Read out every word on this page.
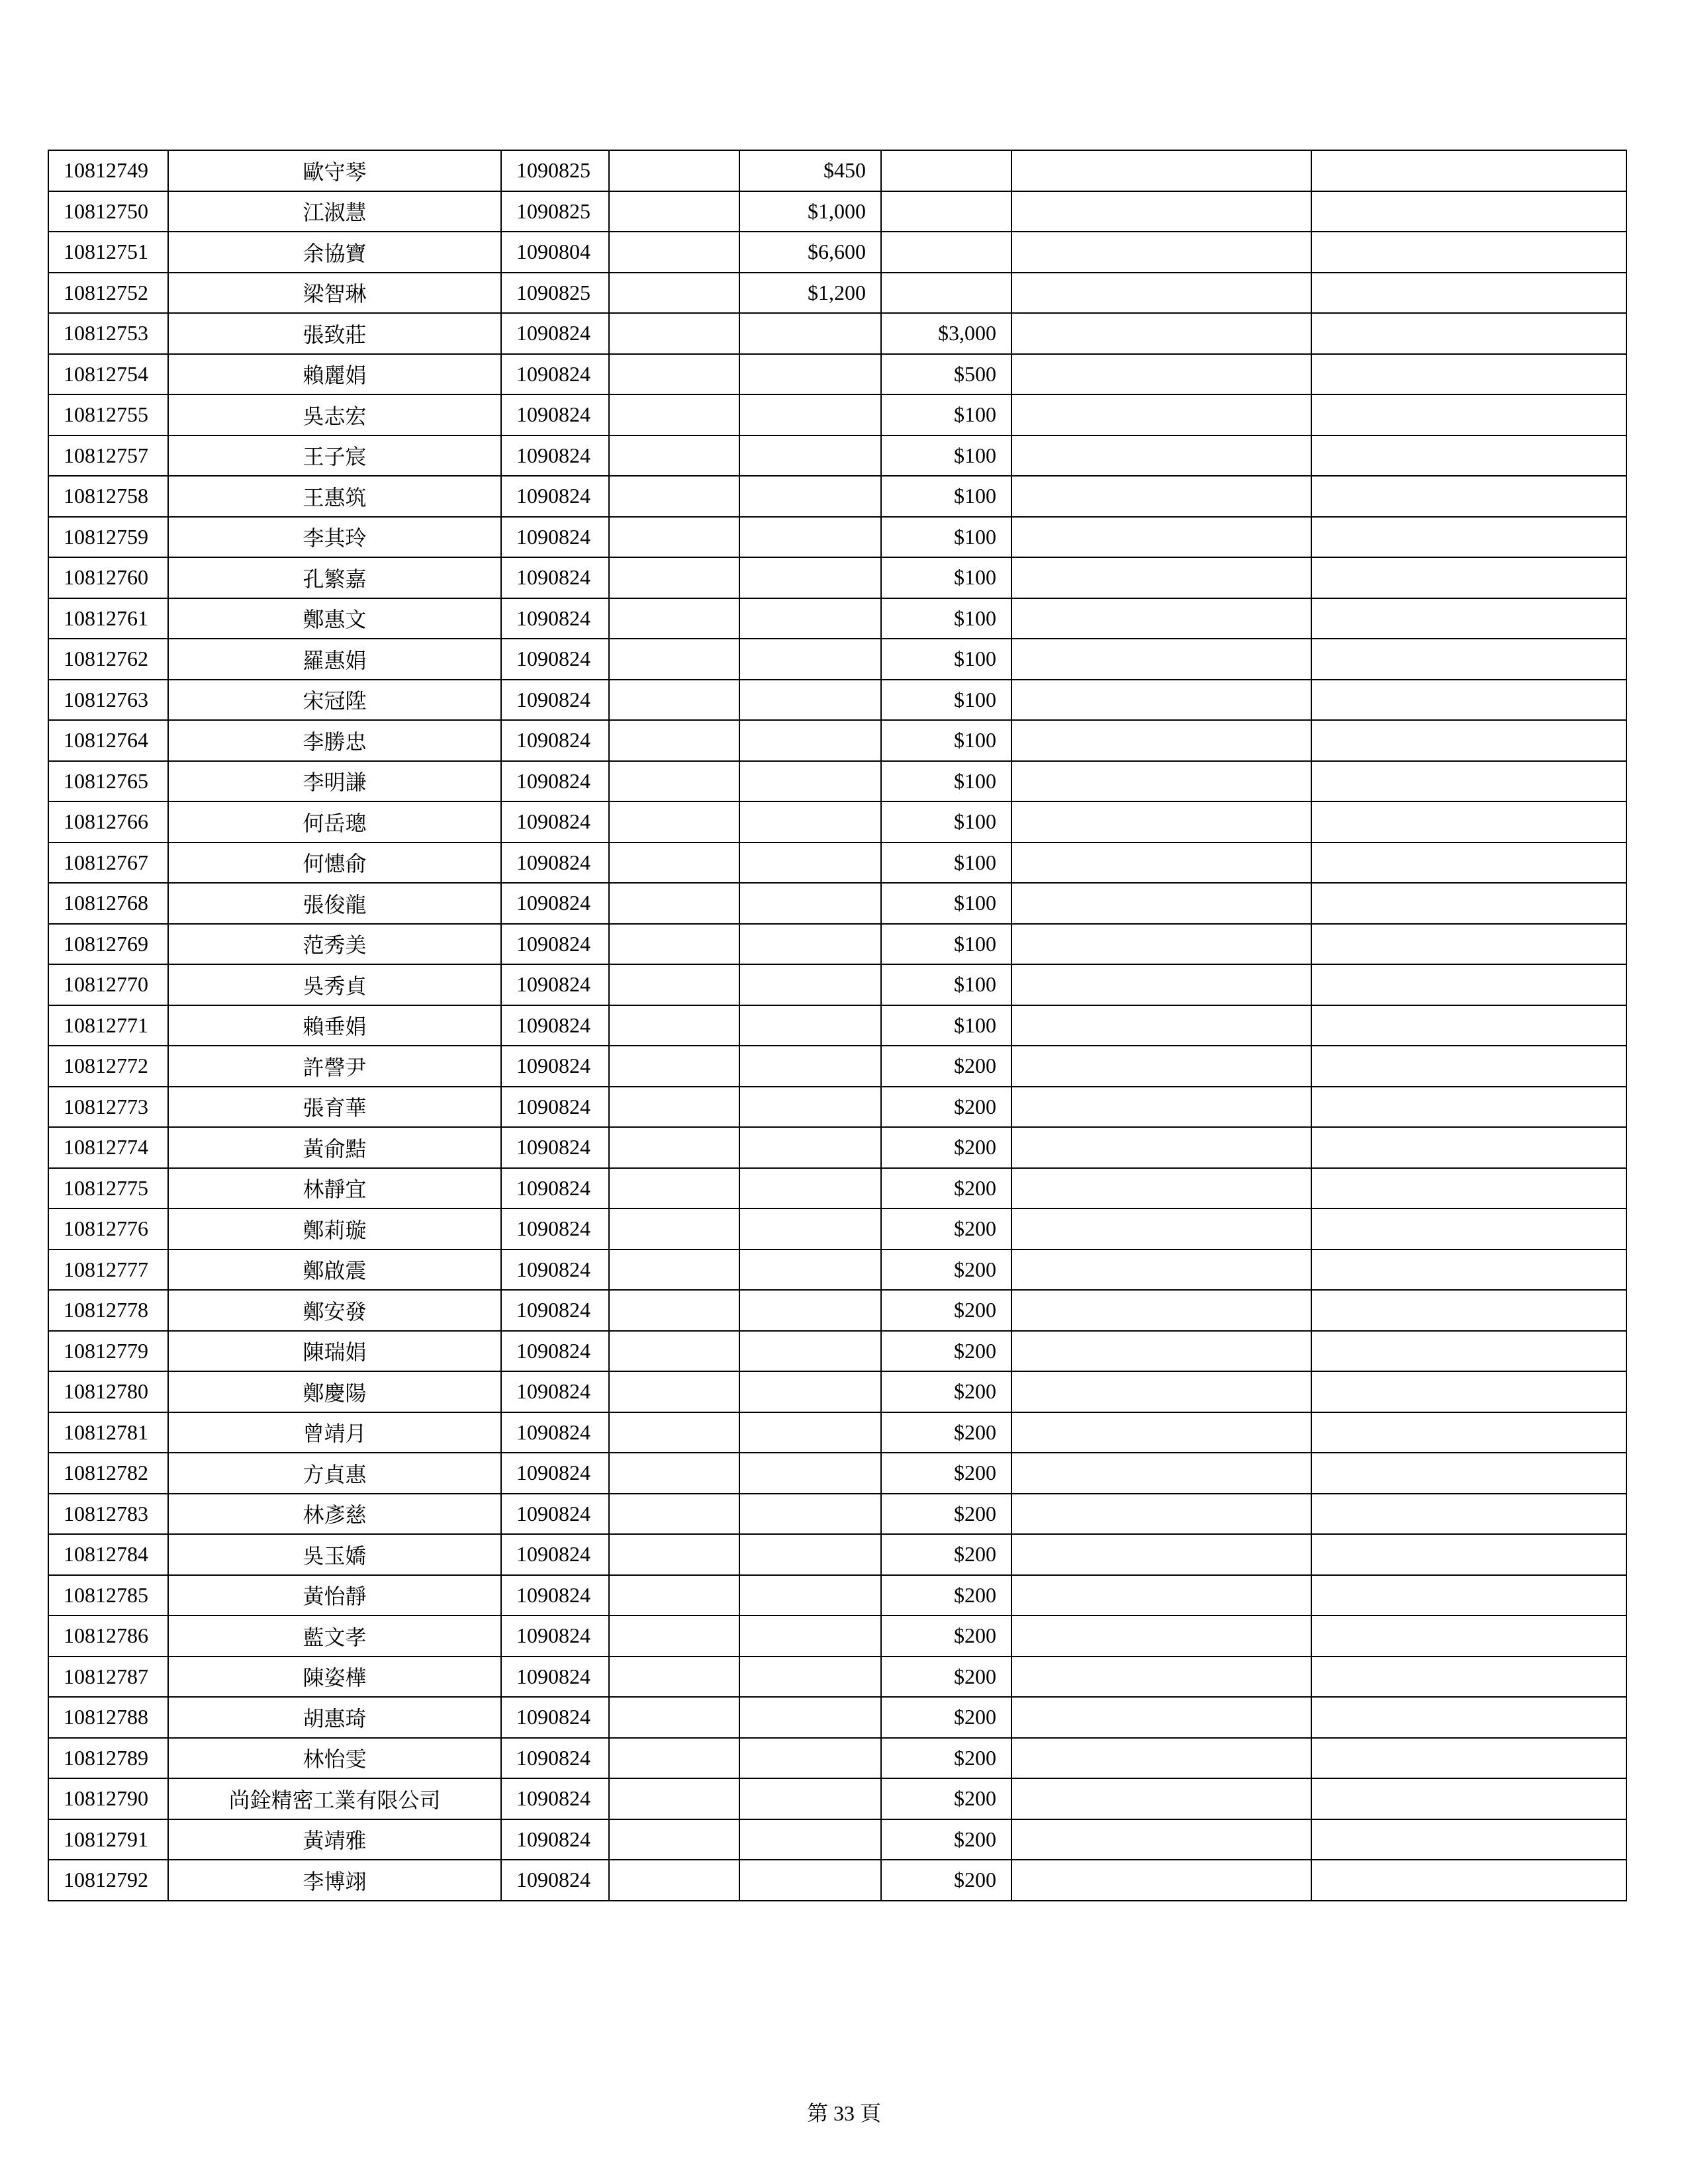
10812749	歐守琴	1090825		$450			
10812750	江淑慧	1090825		$1,000			
10812751	余協寶	1090804		$6,600			
10812752	梁智琳	1090825		$1,200			
10812753	張致莊	1090824			$3,000		
10812754	賴麗娟	1090824			$500		
10812755	吳志宏	1090824			$100		
10812757	王子宸	1090824			$100		
10812758	王惠筑	1090824			$100		
10812759	李其玲	1090824			$100		
10812760	孔繁嘉	1090824			$100		
10812761	鄭惠文	1090824			$100		
10812762	羅惠娟	1090824			$100		
10812763	宋冠陞	1090824			$100		
10812764	李勝忠	1090824			$100		
10812765	李明謙	1090824			$100		
10812766	何岳璁	1090824			$100		
10812767	何憓俞	1090824			$100		
10812768	張俊龍	1090824			$100		
10812769	范秀美	1090824			$100		
10812770	吳秀貞	1090824			$100		
10812771	賴垂娟	1090824			$100		
10812772	許謦尹	1090824			$200		
10812773	張育華	1090824			$200		
10812774	黃俞黠	1090824			$200		
10812775	林靜宜	1090824			$200		
10812776	鄭莉璇	1090824			$200		
10812777	鄭啟震	1090824			$200		
10812778	鄭安發	1090824			$200		
10812779	陳瑞娟	1090824			$200		
10812780	鄭慶陽	1090824			$200		
10812781	曾靖月	1090824			$200		
10812782	方貞惠	1090824			$200		
10812783	林彥慈	1090824			$200		
10812784	吳玉嬌	1090824			$200		
10812785	黃怡靜	1090824			$200		
10812786	藍文孝	1090824			$200		
10812787	陳姿樺	1090824			$200		
10812788	胡惠琦	1090824			$200		
10812789	林怡雯	1090824			$200		
10812790	尚銓精密工業有限公司	1090824			$200		
10812791	黃靖雅	1090824			$200		
10812792	李博翊	1090824			$200		
第 33 頁
